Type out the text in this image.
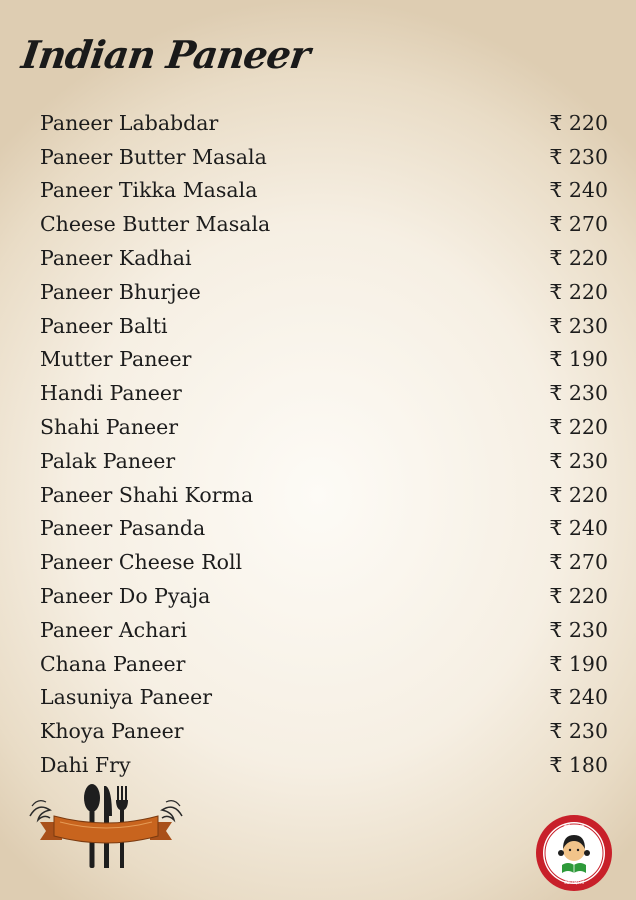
Indian Paneer
Paneer Lababdar	₹ 220
Paneer Butter Masala	₹ 230
Paneer Tikka Masala	₹ 240
Cheese Butter Masala	₹ 270
Paneer Kadhai	₹ 220
Paneer Bhurjee	₹ 220
Paneer Balti	₹ 230
Mutter Paneer	₹ 190
Handi Paneer	₹ 230
Shahi Paneer	₹ 220
Palak Paneer	₹ 230
Paneer Shahi Korma	₹ 220
Paneer Pasanda	₹ 240
Paneer Cheese Roll	₹ 270
Paneer Do Pyaja	₹ 220
Paneer Achari	₹ 230
Chana Paneer	₹ 190
Lasuniya Paneer	₹ 240
Khoya Paneer	₹ 230
Dahi Fry	₹ 180
बेटी बचाओ
बेटी पढ़ाओ
